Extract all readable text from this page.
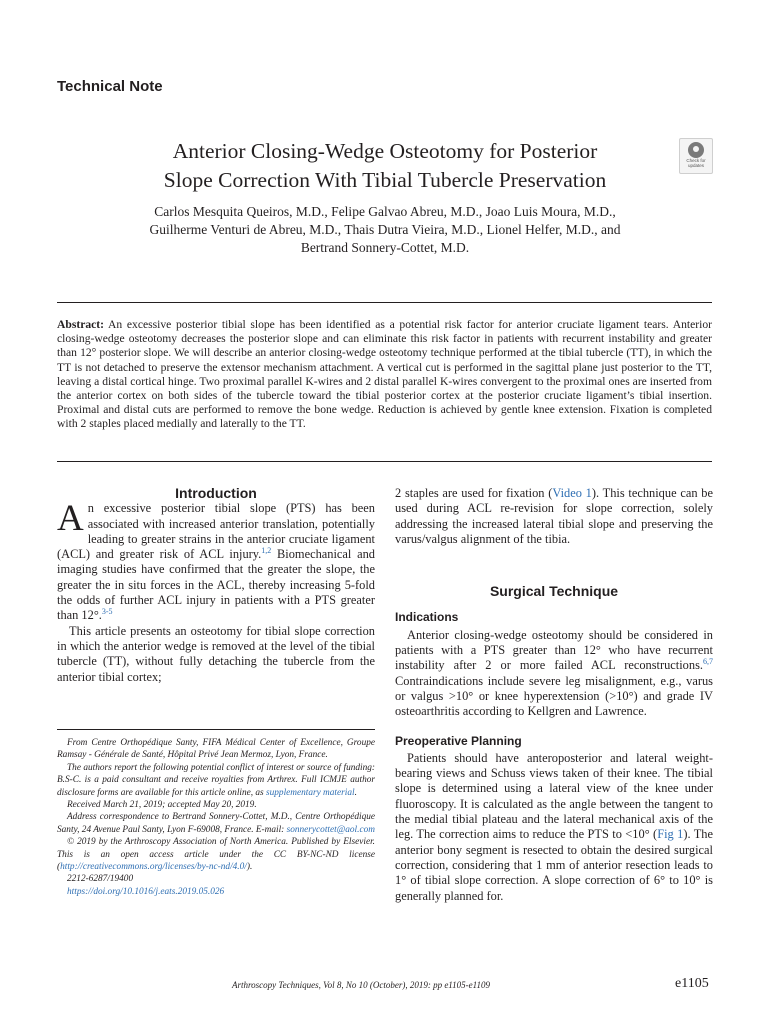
Technical Note
Anterior Closing-Wedge Osteotomy for Posterior
Slope Correction With Tibial Tubercle Preservation
Check for
updates
Carlos Mesquita Queiros, M.D., Felipe Galvao Abreu, M.D., Joao Luis Moura, M.D.,
Guilherme Venturi de Abreu, M.D., Thais Dutra Vieira, M.D., Lionel Helfer, M.D., and
Bertrand Sonnery-Cottet, M.D.
Abstract: An excessive posterior tibial slope has been identified as a potential risk factor for anterior cruciate ligament tears. Anterior closing-wedge osteotomy decreases the posterior slope and can eliminate this risk factor in patients with recurrent instability and greater than 12° posterior slope. We will describe an anterior closing-wedge osteotomy technique performed at the tibial tubercle (TT), in which the TT is not detached to preserve the extensor mechanism attachment. A vertical cut is performed in the sagittal plane just posterior to the TT, leaving a distal cortical hinge. Two proximal parallel K-wires and 2 distal parallel K-wires convergent to the proximal ones are inserted from the anterior cortex on both sides of the tubercle toward the tibial posterior cortex at the posterior cruciate ligament’s tibial insertion. Proximal and distal cuts are performed to remove the bone wedge. Reduction is achieved by gentle knee extension. Fixation is completed with 2 staples placed medially and laterally to the TT.
Introduction

An excessive posterior tibial slope (PTS) has been associated with increased anterior translation, potentially leading to greater strains in the anterior cruciate ligament (ACL) and greater risk of ACL injury.$^{1,2}$ Biomechanical and imaging studies have confirmed that the greater the slope, the greater the in situ forces in the ACL, thereby increasing 5-fold the odds of further ACL injury in patients with a PTS greater than 12°.$^{3-5}$

This article presents an osteotomy for tibial slope correction in which the anterior wedge is removed at the level of the tibial tubercle (TT), without fully detaching the tubercle from the anterior tibial cortex;

From Centre Orthopédique Santy, FIFA Médical Center of Excellence, Groupe Ramsay - Générale de Santé, Hôpital Privé Jean Mermoz, Lyon, France.

The authors report the following potential conflict of interest or source of funding: B.S-C. is a paid consultant and receive royalties from Arthrex. Full ICMJE author disclosure forms are available for this article online, as supplementary material.

Received March 21, 2019; accepted May 20, 2019.

Address correspondence to Bertrand Sonnery-Cottet, M.D., Centre Orthopédique Santy, 24 Avenue Paul Santy, Lyon F-69008, France. E-mail: sonnerycottet@aol.com

© 2019 by the Arthroscopy Association of North America. Published by Elsevier. This is an open access article under the CC BY-NC-ND license (http://creativecommons.org/licenses/by-nc-nd/4.0/).

2212-6287/19400

https://doi.org/10.1016/j.eats.2019.05.026

2 staples are used for fixation (Video 1). This technique can be used during ACL re-revision for slope correction, solely addressing the increased lateral tibial slope and preserving the varus/valgus alignment of the tibia.

Surgical Technique
Indications

Anterior closing-wedge osteotomy should be considered in patients with a PTS greater than 12° who have recurrent instability after 2 or more failed ACL reconstructions.$^{6,7}$ Contraindications include severe leg misalignment, e.g., varus or valgus >10° or knee hyperextension (>10°) and grade IV osteoarthritis according to Kellgren and Lawrence.

Preoperative Planning

Patients should have anteroposterior and lateral weight-bearing views and Schuss views taken of their knee. The tibial slope is determined using a lateral view of the knee under fluoroscopy. It is calculated as the angle between the tangent to the medial tibial plateau and the lateral mechanical axis of the leg. The correction aims to reduce the PTS to <10° (Fig 1). The anterior bony segment is resected to obtain the desired surgical correction, considering that 1 mm of anterior resection leads to 1° of tibial slope correction. A slope correction of 6° to 10° is generally planned for.

Arthroscopy Techniques, Vol 8, No 10 (October), 2019: pp e1105-e1109	e1105
